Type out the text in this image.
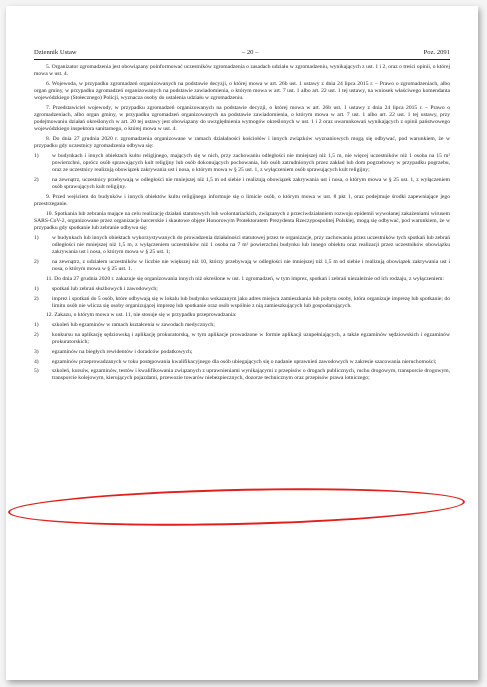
Dziennik Ustaw	– 20 –	Poz. 2091

5. Organizator zgromadzenia jest obowiązany poinformować uczestników zgromadzenia o zasadach udziału w zgromadzeniu, wynikających z ust. 1 i 2, oraz o treści opinii, o której mowa w ust. 4.

6. Wojewoda, w przypadku zgromadzeń organizowanych na podstawie decyzji, o której mowa w art. 26b ust. 1 ustawy z dnia 24 lipca 2015 r. – Prawo o zgromadzeniach, albo organ gminy, w przypadku zgromadzeń organizowanych na podstawie zawiadomienia, o którym mowa w art. 7 ust. 1 albo art. 22 ust. 1 tej ustawy, na wniosek właściwego komendanta wojewódzkiego (Stołecznego) Policji, wyznacza osoby do ustalenia udziału w zgromadzeniu.

7. Przedstawiciel wojewody, w przypadku zgromadzeń organizowanych na podstawie decyzji, o której mowa w art. 26b ust. 1 ustawy z dnia 24 lipca 2015 r. – Prawo o zgromadzeniach, albo organ gminy, w przypadku zgromadzeń organizowanych na podstawie zawiadomienia, o którym mowa w art. 7 ust. 1 albo art. 22 ust. 1 tej ustawy, przy podejmowaniu działań określonych w art. 20 tej ustawy jest obowiązany do uwzględnienia wymogów określonych w ust. 1 i 2 oraz uwarunkowań wynikających z opinii państwowego wojewódzkiego inspektora sanitarnego, o której mowa w ust. 4.

8. Do dnia 27 grudnia 2020 r. zgromadzenia organizowane w ramach działalności kościołów i innych związków wyznaniowych mogą się odbywać, pod warunkiem, że w przypadku gdy uczestnicy zgromadzenia odbywa się:

1)	w budynkach i innych obiektach kultu religijnego, mających się w nich, przy zachowaniu odległości nie mniejszej niż 1,5 m, nie więcej uczestników niż 1 osoba na 15 m² powierzchni, oprócz osób sprawujących kult religijny lub osób dokonujących pochowania, lub osób zatrudnionych przez zakład lub dom pogrzebowy w przypadku pogrzebu, oraz ze uczestnicy realizują obowiązek zakrywania ust i nosa, o którym mowa w § 25 ust. 1, z wyłączeniem osób sprawujących kult religijny;
2)	na zewnątrz, uczestnicy przebywają w odległości nie mniejszej niż 1,5 m od siebie i realizują obowiązek zakrywania ust i nosa, o którym mowa w § 25 ust. 1, z wyłączeniem osób sprawujących kult religijny.

9. Przed wejściem do budynków i innych obiektów kultu religijnego informuje się o limicie osób, o którym mowa w ust. 8 pkt 1, oraz podejmuje środki zapewniające jego przestrzeganie.

10. Spotkania lub zebrania mające na celu realizację działań statutowych lub wolontariackich, związanych z przeciwdziałaniem rozwoju epidemii wywołanej zakażeniami wirusem SARS-CoV-2, organizowane przez organizacje harcerskie i skautowe objęte Honorowym Protektoratem Prezydenta Rzeczypospolitej Polskiej, mogą się odbywać, pod warunkiem, że w przypadku gdy spotkanie lub zebranie odbywa się:

1)	w budynkach lub innych obiektach wykorzystywanych do prowadzenia działalności statutowej przez te organizacje, przy zachowaniu przez uczestników tych spotkań lub zebrań odległości nie mniejszej niż 1,5 m, z wyłączeniem uczestników niż 1 osoba na 7 m² powierzchni budynku lub innego obiektu oraz realizacji przez uczestników obowiązku zakrywania ust i nosa, o którym mowa w § 25 ust. 1;
2)	na zewnątrz, z udziałem uczestników w liczbie nie większej niż 10, którzy przebywają w odległości nie mniejszej niż 1,5 m od siebie i realizują obowiązek zakrywania ust i nosa, o którym mowa w § 25 ust. 1.

11. Do dnia 27 grudnia 2020 r. zakazuje się organizowania innych niż określone w ust. 1 zgromadzeń, w tym imprez, spotkań i zebrań niezależnie od ich rodzaju, z wyłączeniem:

1)	spotkań lub zebrań służbowych i zawodowych;
2)	imprez i spotkań do 5 osób, które odbywają się w lokalu lub budynku wskazanym jako adres miejsca zamieszkania lub pobytu osoby, która organizuje imprezę lub spotkanie; do limitu osób nie wlicza się osoby organizującej imprezę lub spotkanie oraz osób wspólnie z nią zamieszkujących lub gospodarujących.

12. Zakazu, o którym mowa w ust. 11, nie stosuje się w przypadku przeprowadzania:

1)	szkoleń lub egzaminów w ramach kształcenia w zawodach medycznych;
2)	konkursu na aplikację sędziowską i aplikację prokuratorską, w tym aplikacje prowadzone w formie aplikacji uzupełniających, a także egzaminów sędziowskich i egzaminów prokuratorskich;
3)	egzaminów na biegłych rewidentów i doradców podatkowych;
4)	egzaminów przeprowadzanych w toku postępowania kwalifikacyjnego dla osób ubiegających się o nadanie uprawnień zawodowych w zakresie szacowania nieruchomości;
5)	szkoleń, kursów, egzaminów, testów i kwalifikowania związanych z uprawnieniami wynikającymi z przepisów o drogach publicznych, ruchu drogowym, transporcie drogowym, transporcie kolejowym, kierujących pojazdami, przewozie towarów niebezpiecznych, dozorze technicznym oraz przepisów prawa lotniczego;
